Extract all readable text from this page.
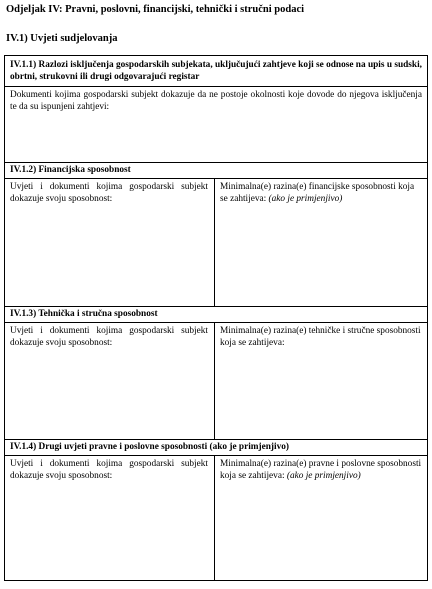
Odjeljak IV: Pravni, poslovni, financijski, tehnički i stručni podaci
IV.1) Uvjeti sudjelovanja
IV.1.1) Razlozi isključenja gospodarskih subjekata, uključujući zahtjeve koji se odnose na upis u sudski, obrtni, strukovni ili drugi odgovarajući registar
Dokumenti kojima gospodarski subjekt dokazuje da ne postoje okolnosti koje dovode do njegova isključenja te da su ispunjeni zahtjevi:
IV.1.2) Financijska sposobnost
Uvjeti i dokumenti kojima gospodarski subjekt dokazuje svoju sposobnost:
Minimalna(e) razina(e) financijske sposobnosti koja se zahtijeva: (ako je primjenjivo)
IV.1.3) Tehnička i stručna sposobnost
Uvjeti i dokumenti kojima gospodarski subjekt dokazuje svoju sposobnost:
Minimalna(e) razina(e) tehničke i stručne sposobnosti koja se zahtijeva:
IV.1.4) Drugi uvjeti pravne i poslovne sposobnosti (ako je primjenjivo)
Uvjeti i dokumenti kojima gospodarski subjekt dokazuje svoju sposobnost:
Minimalna(e) razina(e) pravne i poslovne sposobnosti koja se zahtijeva: (ako je primjenjivo)
